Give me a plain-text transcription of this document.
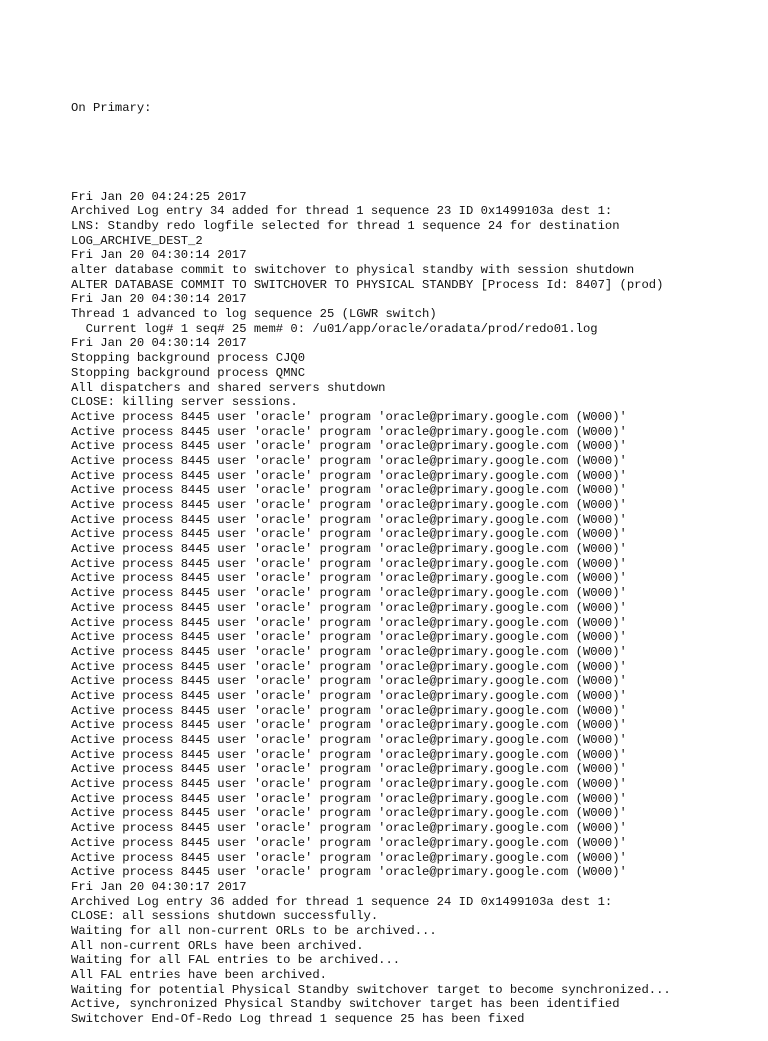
On Primary:

Fri Jan 20 04:24:25 2017
Archived Log entry 34 added for thread 1 sequence 23 ID 0x1499103a dest 1:
LNS: Standby redo logfile selected for thread 1 sequence 24 for destination
LOG_ARCHIVE_DEST_2
Fri Jan 20 04:30:14 2017
alter database commit to switchover to physical standby with session shutdown
ALTER DATABASE COMMIT TO SWITCHOVER TO PHYSICAL STANDBY [Process Id: 8407] (prod)
Fri Jan 20 04:30:14 2017
Thread 1 advanced to log sequence 25 (LGWR switch)
Current log# 1 seq# 25 mem# 0: /u01/app/oracle/oradata/prod/redo01.log
Fri Jan 20 04:30:14 2017
Stopping background process CJQ0
Stopping background process QMNC
All dispatchers and shared servers shutdown
CLOSE: killing server sessions.
Active process 8445 user 'oracle' program 'oracle@primary.google.com (W000)'
Active process 8445 user 'oracle' program 'oracle@primary.google.com (W000)'
Active process 8445 user 'oracle' program 'oracle@primary.google.com (W000)'
Active process 8445 user 'oracle' program 'oracle@primary.google.com (W000)'
Active process 8445 user 'oracle' program 'oracle@primary.google.com (W000)'
Active process 8445 user 'oracle' program 'oracle@primary.google.com (W000)'
Active process 8445 user 'oracle' program 'oracle@primary.google.com (W000)'
Active process 8445 user 'oracle' program 'oracle@primary.google.com (W000)'
Active process 8445 user 'oracle' program 'oracle@primary.google.com (W000)'
Active process 8445 user 'oracle' program 'oracle@primary.google.com (W000)'
Active process 8445 user 'oracle' program 'oracle@primary.google.com (W000)'
Active process 8445 user 'oracle' program 'oracle@primary.google.com (W000)'
Active process 8445 user 'oracle' program 'oracle@primary.google.com (W000)'
Active process 8445 user 'oracle' program 'oracle@primary.google.com (W000)'
Active process 8445 user 'oracle' program 'oracle@primary.google.com (W000)'
Active process 8445 user 'oracle' program 'oracle@primary.google.com (W000)'
Active process 8445 user 'oracle' program 'oracle@primary.google.com (W000)'
Active process 8445 user 'oracle' program 'oracle@primary.google.com (W000)'
Active process 8445 user 'oracle' program 'oracle@primary.google.com (W000)'
Active process 8445 user 'oracle' program 'oracle@primary.google.com (W000)'
Active process 8445 user 'oracle' program 'oracle@primary.google.com (W000)'
Active process 8445 user 'oracle' program 'oracle@primary.google.com (W000)'
Active process 8445 user 'oracle' program 'oracle@primary.google.com (W000)'
Active process 8445 user 'oracle' program 'oracle@primary.google.com (W000)'
Active process 8445 user 'oracle' program 'oracle@primary.google.com (W000)'
Active process 8445 user 'oracle' program 'oracle@primary.google.com (W000)'
Active process 8445 user 'oracle' program 'oracle@primary.google.com (W000)'
Active process 8445 user 'oracle' program 'oracle@primary.google.com (W000)'
Active process 8445 user 'oracle' program 'oracle@primary.google.com (W000)'
Active process 8445 user 'oracle' program 'oracle@primary.google.com (W000)'
Active process 8445 user 'oracle' program 'oracle@primary.google.com (W000)'
Active process 8445 user 'oracle' program 'oracle@primary.google.com (W000)'
Fri Jan 20 04:30:17 2017
Archived Log entry 36 added for thread 1 sequence 24 ID 0x1499103a dest 1:
CLOSE: all sessions shutdown successfully.
Waiting for all non-current ORLs to be archived...
All non-current ORLs have been archived.
Waiting for all FAL entries to be archived...
All FAL entries have been archived.
Waiting for potential Physical Standby switchover target to become synchronized...
Active, synchronized Physical Standby switchover target has been identified
Switchover End-Of-Redo Log thread 1 sequence 25 has been fixed
